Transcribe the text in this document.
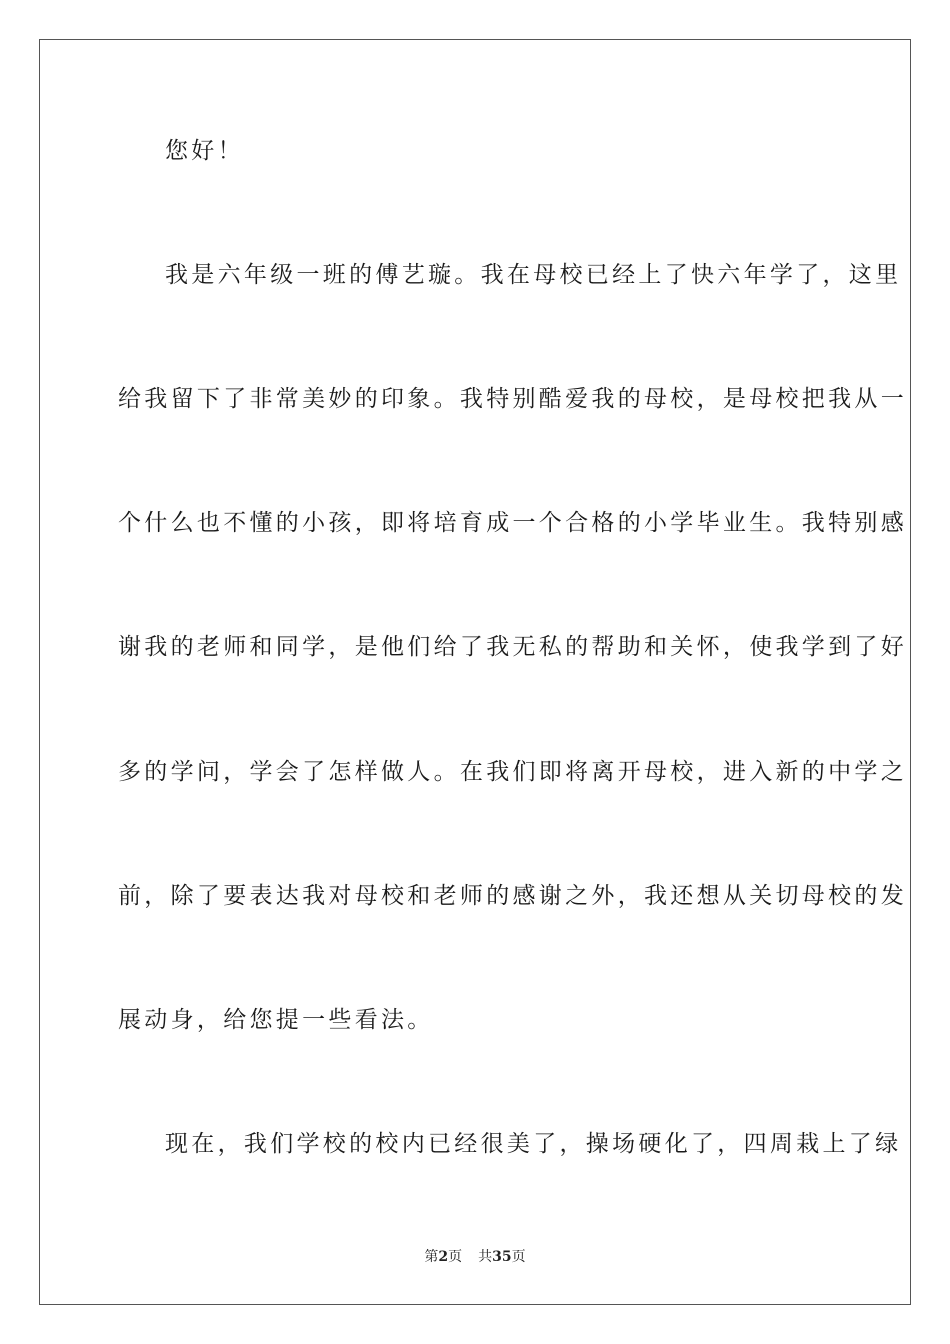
您好！
我是六年级一班的傅艺璇。我在母校已经上了快六年学了，这里
给我留下了非常美妙的印象。我特别酷爱我的母校，是母校把我从一
个什么也不懂的小孩，即将培育成一个合格的小学毕业生。我特别感
谢我的老师和同学，是他们给了我无私的帮助和关怀，使我学到了好
多的学问，学会了怎样做人。在我们即将离开母校，进入新的中学之
前，除了要表达我对母校和老师的感谢之外，我还想从关切母校的发
展动身，给您提一些看法。
现在，我们学校的校内已经很美了，操场硬化了，四周栽上了绿
第2页 共35页
